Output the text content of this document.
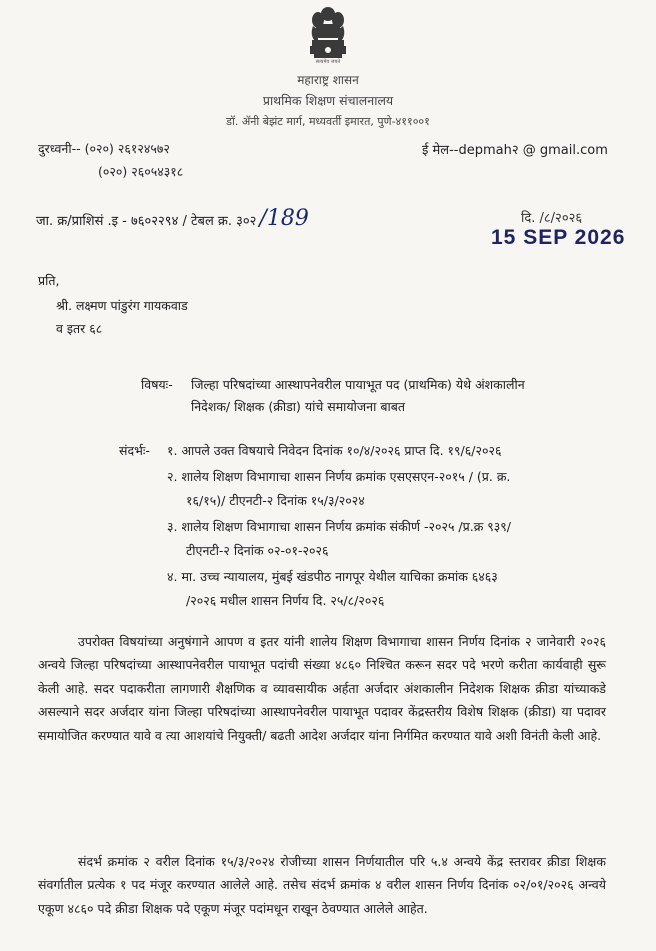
सत्यमेव जयते
महाराष्ट्र शासन
प्राथमिक शिक्षण संचालनालय
डॉ. ॲनी बेझंट मार्ग, मध्यवर्ती इमारत, पुणे-४११००१
दुरध्वनी-- (०२०) २६१२४५७२
(०२०) २६०५४३१८
ई मेल--depmah२ @ gmail.com
जा. क्र/प्राशिसं .इ - ७६०२२९४ / टेबल क्र. ३०२ /189	दि. /८/२०२६
15 SEP 2026
प्रति,
श्री. लक्ष्मण पांडुरंग गायकवाड
व इतर ६८
विषयः- जिल्हा परिषदांच्या आस्थापनेवरील पायाभूत पद (प्राथमिक) येथे अंशकालीन
निदेशक/ शिक्षक (क्रीडा) यांचे समायोजना बाबत
संदर्भः- १. आपले उक्त विषयाचे निवेदन दिनांक १०/४/२०२६ प्राप्त दि. १९/६/२०२६
२. शालेय शिक्षण विभागाचा शासन निर्णय क्रमांक एसएसएन-२०१५ / (प्र. क्र.
१६/१५)/ टीएनटी-२ दिनांक १५/३/२०२४
३. शालेय शिक्षण विभागाचा शासन निर्णय क्रमांक संकीर्ण -२०२५ /प्र.क्र ९३९/
टीएनटी-२ दिनांक ०२-०१-२०२६
४. मा. उच्च न्यायालय, मुंबई खंडपीठ नागपूर येथील याचिका क्रमांक ६४६३
/२०२६ मधील शासन निर्णय दि. २५/८/२०२६
उपरोक्त विषयांच्या अनुषंगाने आपण व इतर यांनी शालेय शिक्षण विभागाचा शासन निर्णय दिनांक २ जानेवारी २०२६ अन्वये जिल्हा परिषदांच्या आस्थापनेवरील पायाभूत पदांची संख्या ४८६० निश्चित करून सदर पदे भरणे करीता कार्यवाही सुरू केली आहे. सदर पदाकरीता लागणारी शैक्षणिक व व्यावसायीक अर्हता अर्जदार अंशकालीन निदेशक शिक्षक क्रीडा यांच्याकडे असल्याने सदर अर्जदार यांना जिल्हा परिषदांच्या आस्थापनेवरील पायाभूत पदावर केंद्रस्तरीय विशेष शिक्षक (क्रीडा) या पदावर समायोजित करण्यात यावे व त्या आशयांचे नियुक्ती/ बढती आदेश अर्जदार यांना निर्गमित करण्यात यावे अशी विनंती केली आहे.
संदर्भ क्रमांक २ वरील दिनांक १५/३/२०२४ रोजीच्या शासन निर्णयातील परि ५.४ अन्वये केंद्र स्तरावर क्रीडा शिक्षक संवर्गातील प्रत्येक १ पद मंजूर करण्यात आलेले आहे. तसेच संदर्भ क्रमांक ४ वरील शासन निर्णय दिनांक ०२/०१/२०२६ अन्वये एकूण ४८६० पदे क्रीडा शिक्षक पदे एकूण मंजूर पदांमधून राखून ठेवण्यात आलेले आहेत.
